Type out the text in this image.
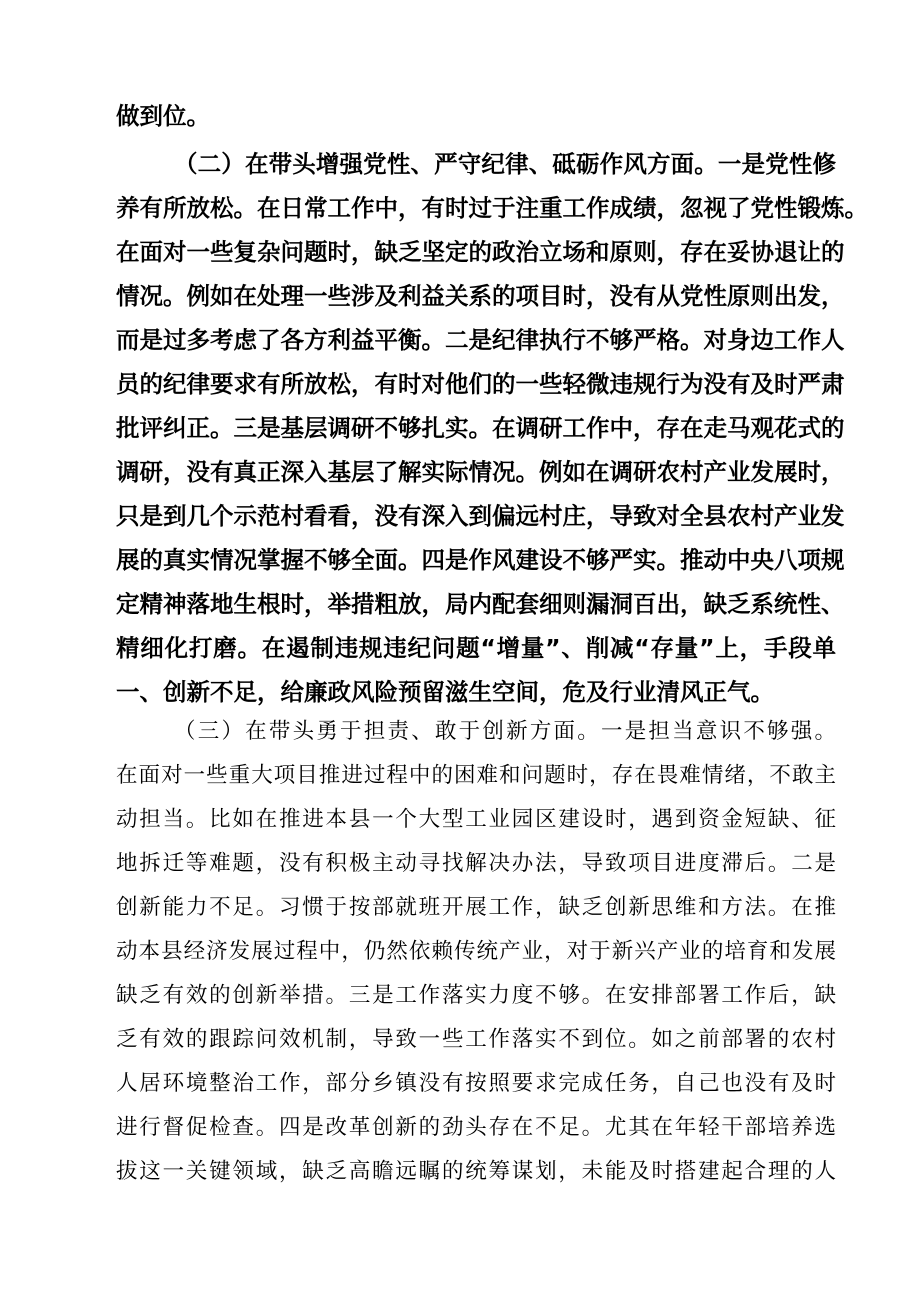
做到位。
（二）在带头增强党性、严守纪律、砥砺作风方面。一是党性修
养有所放松。在日常工作中，有时过于注重工作成绩，忽视了党性锻炼。
在面对一些复杂问题时，缺乏坚定的政治立场和原则，存在妥协退让的
情况。例如在处理一些涉及利益关系的项目时，没有从党性原则出发，
而是过多考虑了各方利益平衡。二是纪律执行不够严格。对身边工作人
员的纪律要求有所放松，有时对他们的一些轻微违规行为没有及时严肃
批评纠正。三是基层调研不够扎实。在调研工作中，存在走马观花式的
调研，没有真正深入基层了解实际情况。例如在调研农村产业发展时，
只是到几个示范村看看，没有深入到偏远村庄，导致对全县农村产业发
展的真实情况掌握不够全面。四是作风建设不够严实。推动中央八项规
定精神落地生根时，举措粗放，局内配套细则漏洞百出，缺乏系统性、
精细化打磨。在遏制违规违纪问题“增量”、削减“存量”上，手段单
一、创新不足，给廉政风险预留滋生空间，危及行业清风正气。
（三）在带头勇于担责、敢于创新方面。一是担当意识不够强。
在面对一些重大项目推进过程中的困难和问题时，存在畏难情绪，不敢主
动担当。比如在推进本县一个大型工业园区建设时，遇到资金短缺、征
地拆迁等难题，没有积极主动寻找解决办法，导致项目进度滞后。二是
创新能力不足。习惯于按部就班开展工作，缺乏创新思维和方法。在推
动本县经济发展过程中，仍然依赖传统产业，对于新兴产业的培育和发展
缺乏有效的创新举措。三是工作落实力度不够。在安排部署工作后，缺
乏有效的跟踪问效机制，导致一些工作落实不到位。如之前部署的农村
人居环境整治工作，部分乡镇没有按照要求完成任务，自己也没有及时
进行督促检查。四是改革创新的劲头存在不足。尤其在年轻干部培养选
拔这一关键领域，缺乏高瞻远瞩的统筹谋划，未能及时搭建起合理的人
